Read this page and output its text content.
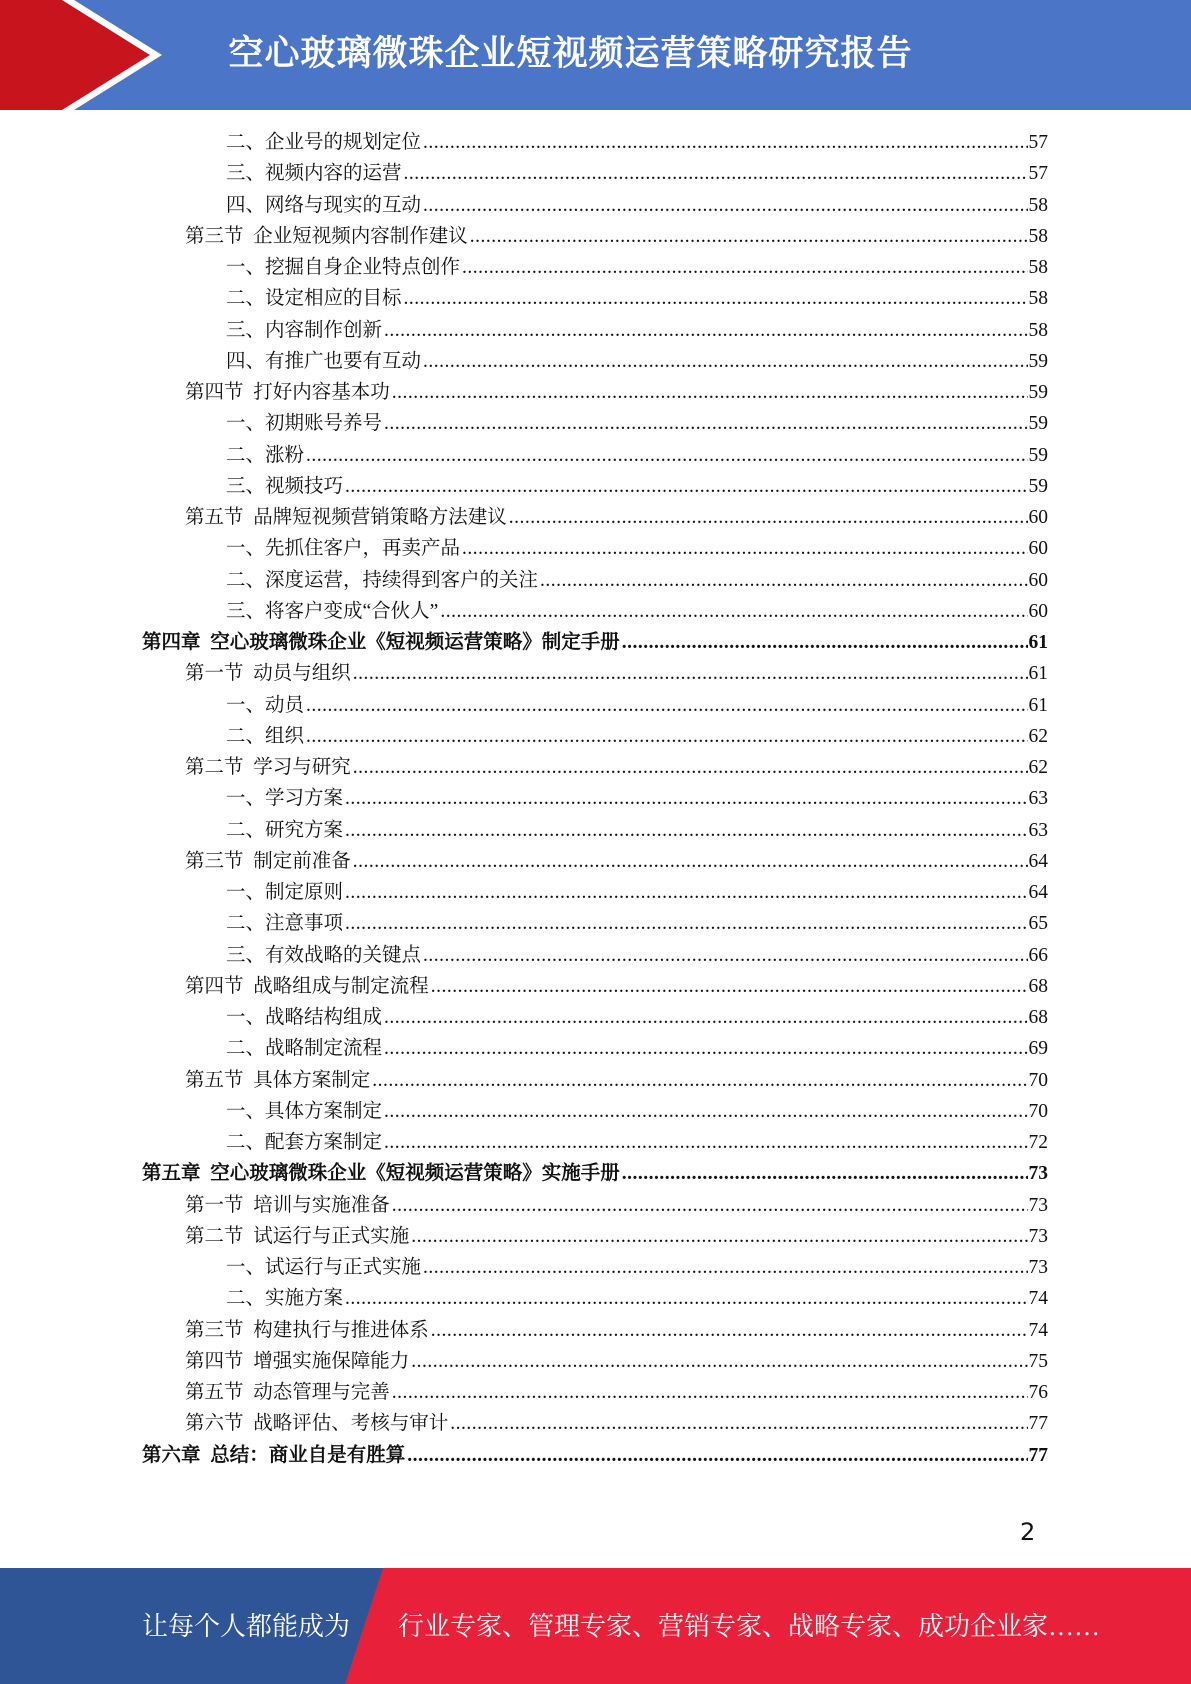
空心玻璃微珠企业短视频运营策略研究报告
二、企业号的规划定位 .....	57
三、视频内容的运营 .....	57
四、网络与现实的互动 .....	58
第三节  企业短视频内容制作建议 .....	58
一、挖掘自身企业特点创作 .....	58
二、设定相应的目标 .....	58
三、内容制作创新 .....	58
四、有推广也要有互动 .....	59
第四节  打好内容基本功 .....	59
一、初期账号养号 .....	59
二、涨粉 .....	59
三、视频技巧 .....	59
第五节  品牌短视频营销策略方法建议 .....	60
一、先抓住客户，再卖产品 .....	60
二、深度运营，持续得到客户的关注 .....	60
三、将客户变成“合伙人” .....	60
第四章  空心玻璃微珠企业《短视频运营策略》制定手册 .....	61
第一节  动员与组织 .....	61
一、动员 .....	61
二、组织 .....	62
第二节  学习与研究 .....	62
一、学习方案 .....	63
二、研究方案 .....	63
第三节  制定前准备 .....	64
一、制定原则 .....	64
二、注意事项 .....	65
三、有效战略的关键点 .....	66
第四节  战略组成与制定流程 .....	68
一、战略结构组成 .....	68
二、战略制定流程 .....	69
第五节  具体方案制定 .....	70
一、具体方案制定 .....	70
二、配套方案制定 .....	72
第五章  空心玻璃微珠企业《短视频运营策略》实施手册 .....	73
第一节  培训与实施准备 .....	73
第二节  试运行与正式实施 .....	73
一、试运行与正式实施 .....	73
二、实施方案 .....	74
第三节  构建执行与推进体系 .....	74
第四节  增强实施保障能力 .....	75
第五节  动态管理与完善 .....	76
第六节  战略评估、考核与审计 .....	77
第六章  总结：商业自是有胜算 .....	77
2
让每个人都能成为 行业专家、管理专家、营销专家、战略专家、成功企业家……
